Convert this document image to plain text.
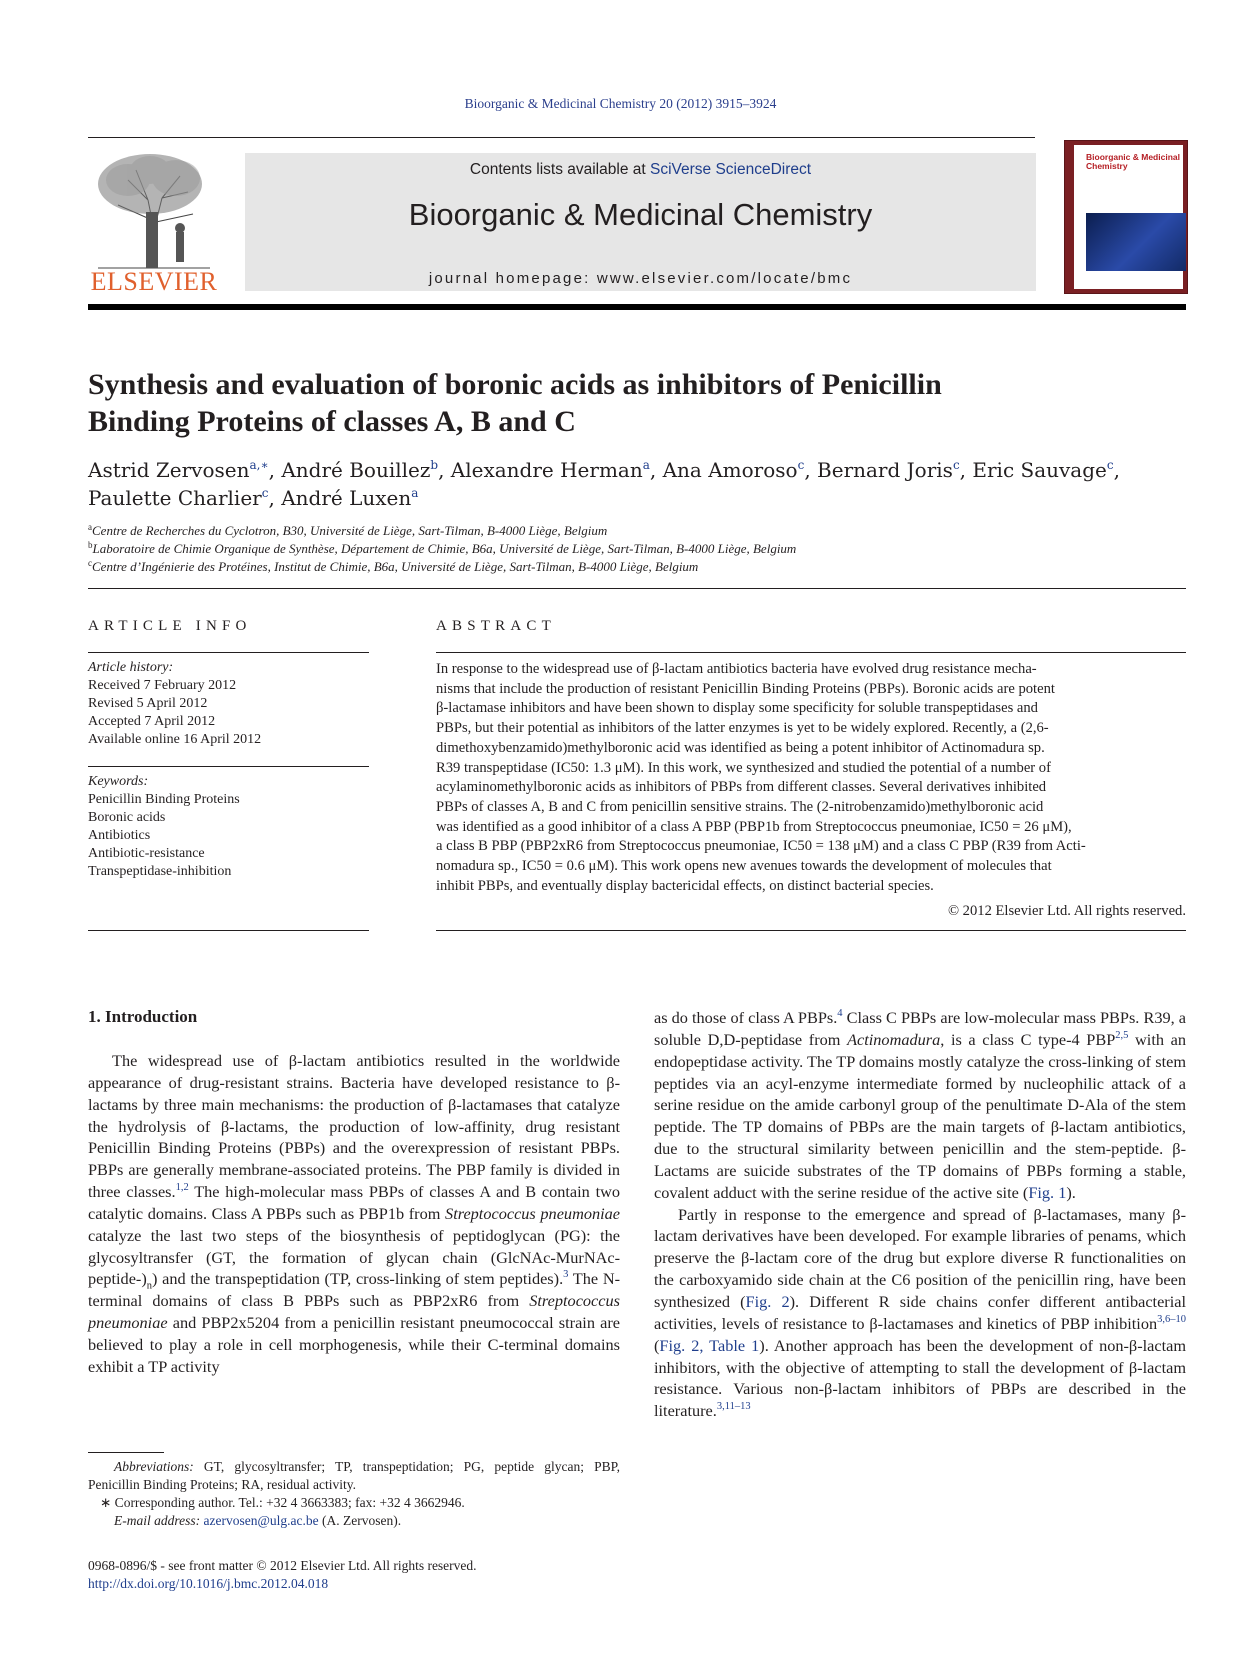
Bioorganic & Medicinal Chemistry 20 (2012) 3915–3924
ELSEVIER
Contents lists available at SciVerse ScienceDirect
Bioorganic & Medicinal Chemistry
journal homepage: www.elsevier.com/locate/bmc
Bioorganic & Medicinal Chemistry
Synthesis and evaluation of boronic acids as inhibitors of Penicillin
Binding Proteins of classes A, B and C
Astrid Zervosen$^{a,∗}$, André Bouillez$^b$, Alexandre Herman$^a$, Ana Amoroso$^c$, Bernard Joris$^c$, Eric Sauvage$^c$,
Paulette Charlier$^c$, André Luxen$^a$
$^a$Centre de Recherches du Cyclotron, B30, Université de Liège, Sart-Tilman, B-4000 Liège, Belgium
$^b$Laboratoire de Chimie Organique de Synthèse, Département de Chimie, B6a, Université de Liège, Sart-Tilman, B-4000 Liège, Belgium
$^c$Centre d’Ingénierie des Protéines, Institut de Chimie, B6a, Université de Liège, Sart-Tilman, B-4000 Liège, Belgium
ARTICLE INFO
Article history:
Received 7 February 2012
Revised 5 April 2012
Accepted 7 April 2012
Available online 16 April 2012
Keywords:
Penicillin Binding Proteins
Boronic acids
Antibiotics
Antibiotic-resistance
Transpeptidase-inhibition
ABSTRACT
In response to the widespread use of β-lactam antibiotics bacteria have evolved drug resistance mecha-
nisms that include the production of resistant Penicillin Binding Proteins (PBPs). Boronic acids are potent
β-lactamase inhibitors and have been shown to display some specificity for soluble transpeptidases and
PBPs, but their potential as inhibitors of the latter enzymes is yet to be widely explored. Recently, a (2,6-
dimethoxybenzamido)methylboronic acid was identified as being a potent inhibitor of Actinomadura sp.
R39 transpeptidase (IC50: 1.3 μM). In this work, we synthesized and studied the potential of a number of
acylaminomethylboronic acids as inhibitors of PBPs from different classes. Several derivatives inhibited
PBPs of classes A, B and C from penicillin sensitive strains. The (2-nitrobenzamido)methylboronic acid
was identified as a good inhibitor of a class A PBP (PBP1b from Streptococcus pneumoniae, IC50 = 26 μM),
a class B PBP (PBP2xR6 from Streptococcus pneumoniae, IC50 = 138 μM) and a class C PBP (R39 from Acti-
nomadura sp., IC50 = 0.6 μM). This work opens new avenues towards the development of molecules that
inhibit PBPs, and eventually display bactericidal effects, on distinct bacterial species.
© 2012 Elsevier Ltd. All rights reserved.
1. Introduction

The widespread use of β-lactam antibiotics resulted in the worldwide appearance of drug-resistant strains. Bacteria have developed resistance to β-lactams by three main mechanisms: the production of β-lactamases that catalyze the hydrolysis of β-lactams, the production of low-affinity, drug resistant Penicillin Binding Proteins (PBPs) and the overexpression of resistant PBPs. PBPs are generally membrane-associated proteins. The PBP family is divided in three classes.$^{1,2}$ The high-molecular mass PBPs of classes A and B contain two catalytic domains. Class A PBPs such as PBP1b from Streptococcus pneumoniae catalyze the last two steps of the biosynthesis of peptidoglycan (PG): the glycosyltransfer (GT, the formation of glycan chain $(GlcNAc-MurNAc-peptide-)_n$) and the transpeptidation (TP, cross-linking of stem peptides).$^3$ The N-terminal domains of class B PBPs such as PBP2xR6 from Streptococcus pneumoniae and PBP2x5204 from a penicillin resistant pneumococcal strain are believed to play a role in cell morphogenesis, while their C-terminal domains exhibit a TP activity

as do those of class A PBPs.$^4$ Class C PBPs are low-molecular mass PBPs. R39, a soluble D,D-peptidase from Actinomadura, is a class C type-4 PBP$^{2,5}$ with an endopeptidase activity. The TP domains mostly catalyze the cross-linking of stem peptides via an acyl-enzyme intermediate formed by nucleophilic attack of a serine residue on the amide carbonyl group of the penultimate D-Ala of the stem peptide. The TP domains of PBPs are the main targets of β-lactam antibiotics, due to the structural similarity between penicillin and the stem-peptide. β-Lactams are suicide substrates of the TP domains of PBPs forming a stable, covalent adduct with the serine residue of the active site (Fig. 1).

Partly in response to the emergence and spread of β-lactamases, many β-lactam derivatives have been developed. For example libraries of penams, which preserve the β-lactam core of the drug but explore diverse R functionalities on the carboxyamido side chain at the C6 position of the penicillin ring, have been synthesized (Fig. 2). Different R side chains confer different antibacterial activities, levels of resistance to β-lactamases and kinetics of PBP inhibition$^{3,6-10}$ (Fig. 2, Table 1). Another approach has been the development of non-β-lactam inhibitors, with the objective of attempting to stall the development of β-lactam resistance. Various non-β-lactam inhibitors of PBPs are described in the literature.$^{3,11-13}$

Abbreviations: GT, glycosyltransfer; TP, transpeptidation; PG, peptide glycan; PBP, Penicillin Binding Proteins; RA, residual activity.
∗ Corresponding author. Tel.: +32 4 3663383; fax: +32 4 3662946.
E-mail address: azervosen@ulg.ac.be (A. Zervosen).
0968-0896/$ - see front matter © 2012 Elsevier Ltd. All rights reserved.
http://dx.doi.org/10.1016/j.bmc.2012.04.018
